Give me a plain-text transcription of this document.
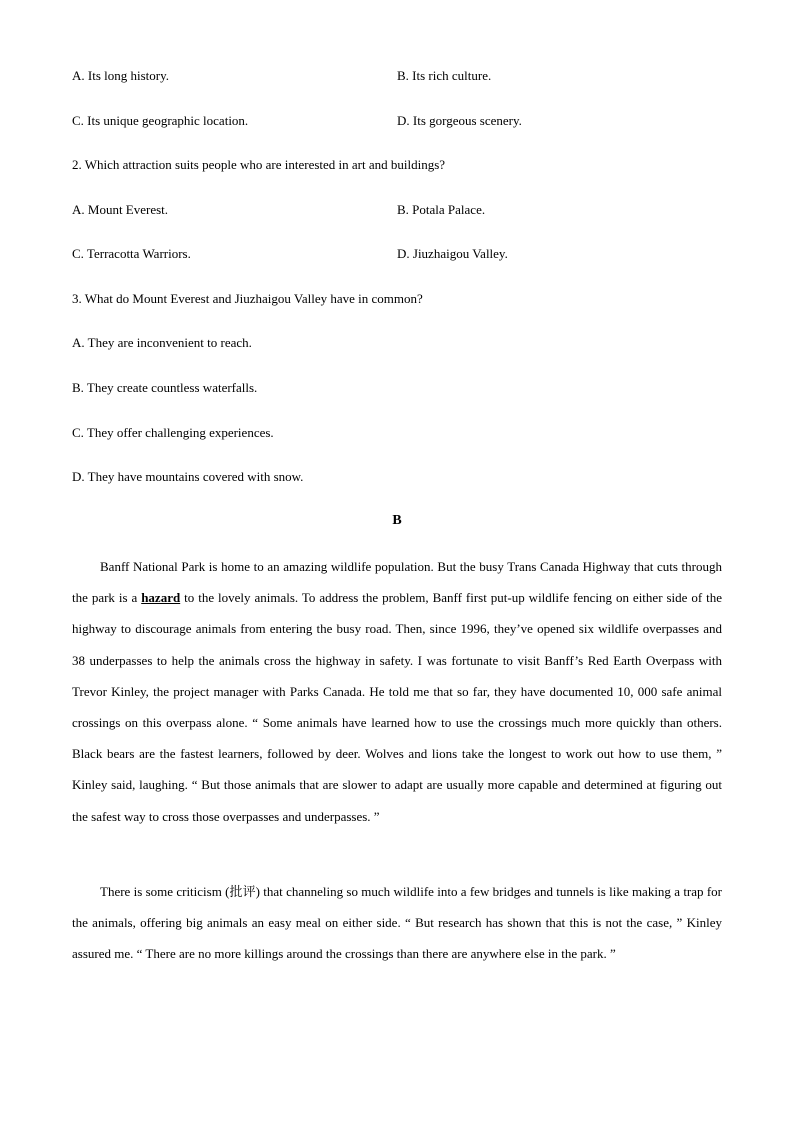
A. Its long history.	B. Its rich culture.
C. Its unique geographic location.	D. Its gorgeous scenery.
2. Which attraction suits people who are interested in art and buildings?
A. Mount Everest.	B. Potala Palace.
C. Terracotta Warriors.	D. Jiuzhaigou Valley.
3. What do Mount Everest and Jiuzhaigou Valley have in common?
A. They are inconvenient to reach.
B. They create countless waterfalls.
C. They offer challenging experiences.
D. They have mountains covered with snow.
B

Banff National Park is home to an amazing wildlife population. But the busy Trans Canada Highway that cuts through the park is a hazard to the lovely animals. To address the problem, Banff first put-up wildlife fencing on either side of the highway to discourage animals from entering the busy road. Then, since 1996, they’ve opened six wildlife overpasses and 38 underpasses to help the animals cross the highway in safety. I was fortunate to visit Banff’s Red Earth Overpass with Trevor Kinley, the project manager with Parks Canada. He told me that so far, they have documented 10, 000 safe animal crossings on this overpass alone. “ Some animals have learned how to use the crossings much more quickly than others. Black bears are the fastest learners, followed by deer. Wolves and lions take the longest to work out how to use them, ” Kinley said, laughing. “ But those animals that are slower to adapt are usually more capable and determined at figuring out the safest way to cross those overpasses and underpasses. ”

There is some criticism (批评) that channeling so much wildlife into a few bridges and tunnels is like making a trap for the animals, offering big animals an easy meal on either side. “ But research has shown that this is not the case, ” Kinley assured me. “ There are no more killings around the crossings than there are anywhere else in the park. ”
